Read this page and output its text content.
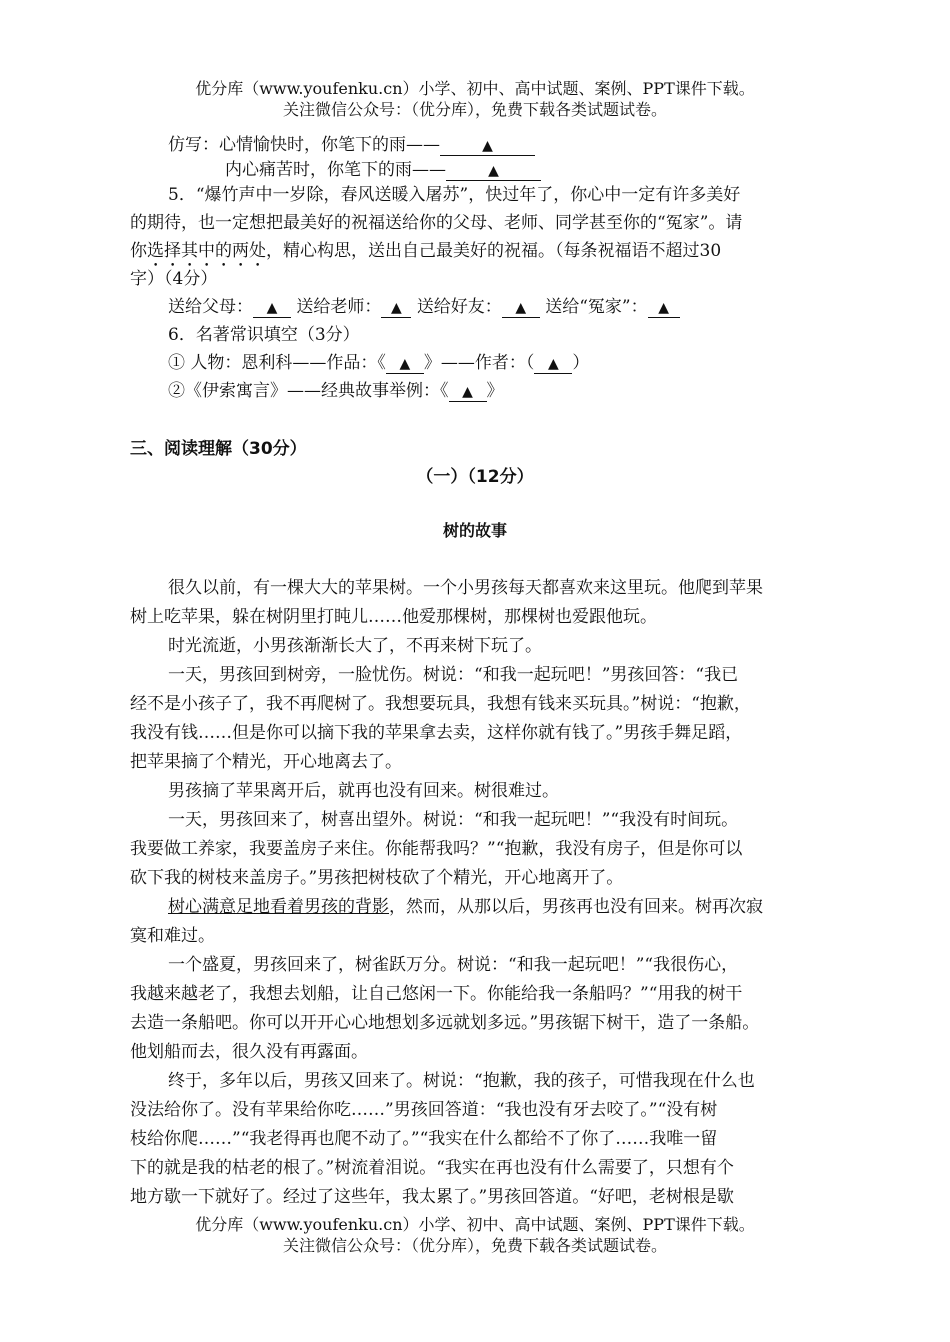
优分库（www.youfenku.cn）小学、初中、高中试题、案例、PPT课件下载。
关注微信公众号：（优分库），免费下载各类试题试卷。
仿写：心情愉快时，你笔下的雨——	▲
内心痛苦时，你笔下的雨——	▲
5．“爆竹声中一岁除，春风送暖入屠苏”，快过年了，你心中一定有许多美好
的期待，也一定想把最美好的祝福送给你的父母、老师、同学甚至你的“冤家”。请
你选择其中的两处，精心构思，送出自己最美好的祝福。（每条祝福语不超过30
字）（4分）
送给父母： ▲ 送给老师： ▲ 送给好友： ▲ 送给“冤家”： ▲
6．名著常识填空（3分）
① 人物：恩利科——作品：《 ▲ 》——作者：（ ▲ ）
②《伊索寓言》——经典故事举例：《 ▲ 》
三、阅读理解（30分）
（一）（12分）
树的故事
很久以前，有一棵大大的苹果树。一个小男孩每天都喜欢来这里玩。他爬到苹果
树上吃苹果，躲在树阴里打盹儿……他爱那棵树，那棵树也爱跟他玩。
时光流逝，小男孩渐渐长大了，不再来树下玩了。
一天，男孩回到树旁，一脸忧伤。树说：“和我一起玩吧！”男孩回答：“我已
经不是小孩子了，我不再爬树了。我想要玩具，我想有钱来买玩具。”树说：“抱歉，
我没有钱……但是你可以摘下我的苹果拿去卖，这样你就有钱了。”男孩手舞足蹈，
把苹果摘了个精光，开心地离去了。
男孩摘了苹果离开后，就再也没有回来。树很难过。
一天，男孩回来了，树喜出望外。树说：“和我一起玩吧！”“我没有时间玩。
我要做工养家，我要盖房子来住。你能帮我吗？”“抱歉，我没有房子，但是你可以
砍下我的树枝来盖房子。”男孩把树枝砍了个精光，开心地离开了。
树心满意足地看着男孩的背影，然而，从那以后，男孩再也没有回来。树再次寂
寞和难过。
一个盛夏，男孩回来了，树雀跃万分。树说：“和我一起玩吧！”“我很伤心，
我越来越老了，我想去划船，让自己悠闲一下。你能给我一条船吗？”“用我的树干
去造一条船吧。你可以开开心心地想划多远就划多远。”男孩锯下树干，造了一条船。
他划船而去，很久没有再露面。
终于，多年以后，男孩又回来了。树说：“抱歉，我的孩子，可惜我现在什么也
没法给你了。没有苹果给你吃……”男孩回答道：“我也没有牙去咬了。”“没有树
枝给你爬……”“我老得再也爬不动了。”“我实在什么都给不了你了……我唯一留
下的就是我的枯老的根了。”树流着泪说。“我实在再也没有什么需要了，只想有个
地方歇一下就好了。经过了这些年，我太累了。”男孩回答道。“好吧，老树根是歇
优分库（www.youfenku.cn）小学、初中、高中试题、案例、PPT课件下载。
关注微信公众号：（优分库），免费下载各类试题试卷。
